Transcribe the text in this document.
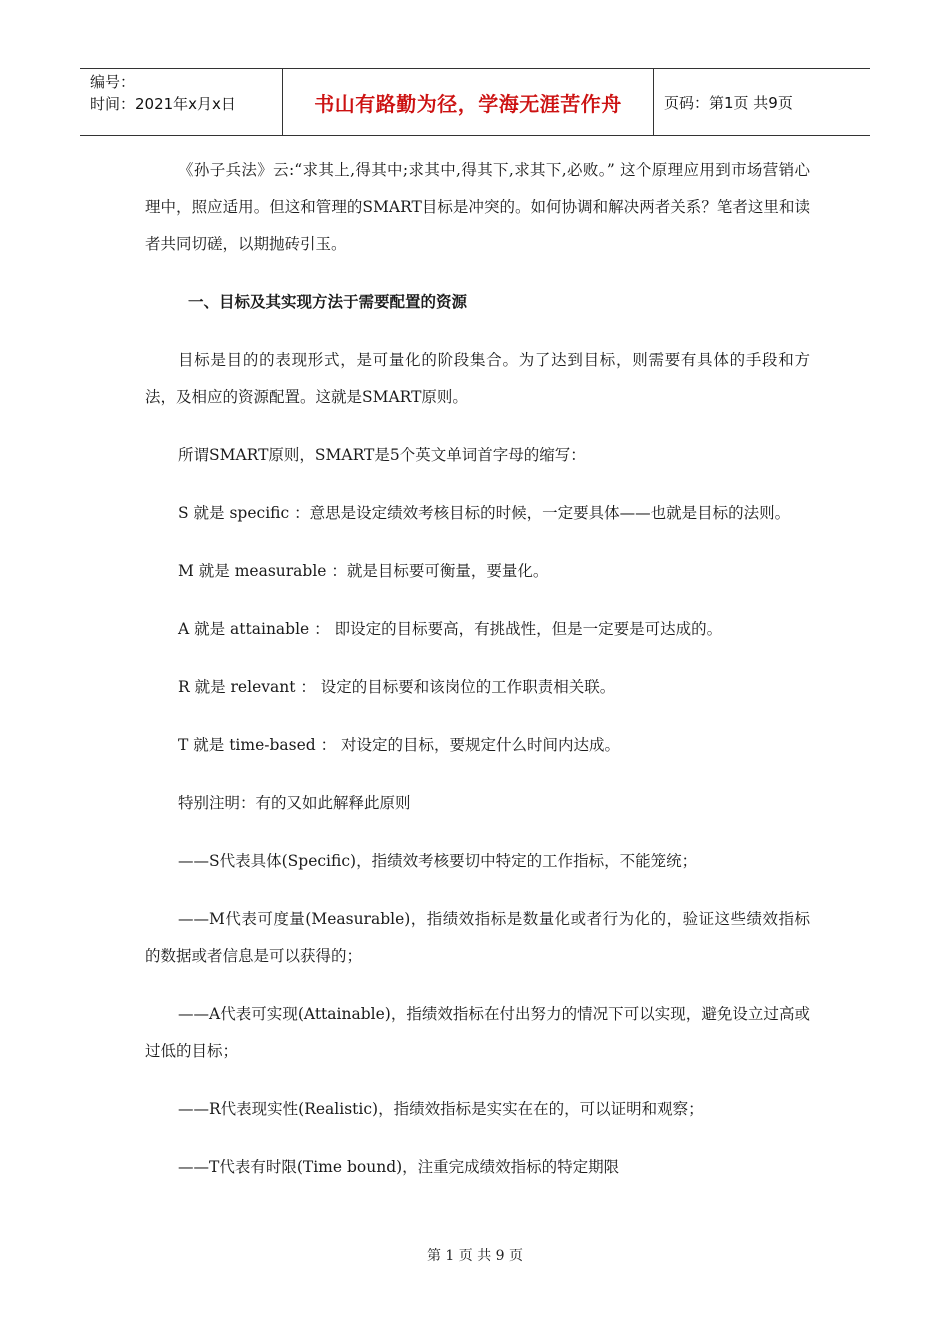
编号：
时间：2021年x月x日	书山有路勤为径，学海无涯苦作舟	页码：第1页 共9页

《孙子兵法》云:“求其上,得其中;求其中,得其下,求其下,必败。” 这个原理应用到市场营销心理中，照应适用。但这和管理的SMART目标是冲突的。如何协调和解决两者关系？笔者这里和读者共同切磋，以期抛砖引玉。

一、目标及其实现方法于需要配置的资源

目标是目的的表现形式，是可量化的阶段集合。为了达到目标，则需要有具体的手段和方法，及相应的资源配置。这就是SMART原则。

所谓SMART原则，SMART是5个英文单词首字母的缩写：

S 就是 specific ：意思是设定绩效考核目标的时候，一定要具体——也就是目标的法则。

M 就是 measurable ：就是目标要可衡量，要量化。

A 就是 attainable ： 即设定的目标要高，有挑战性，但是一定要是可达成的。

R 就是 relevant ： 设定的目标要和该岗位的工作职责相关联。

T 就是 time-based ： 对设定的目标，要规定什么时间内达成。

特别注明：有的又如此解释此原则

——S代表具体(Specific)，指绩效考核要切中特定的工作指标，不能笼统；

——M代表可度量(Measurable)，指绩效指标是数量化或者行为化的，验证这些绩效指标的数据或者信息是可以获得的；

——A代表可实现(Attainable)，指绩效指标在付出努力的情况下可以实现，避免设立过高或过低的目标；

——R代表现实性(Realistic)，指绩效指标是实实在在的，可以证明和观察；

——T代表有时限(Time bound)，注重完成绩效指标的特定期限

第 1 页 共 9 页
